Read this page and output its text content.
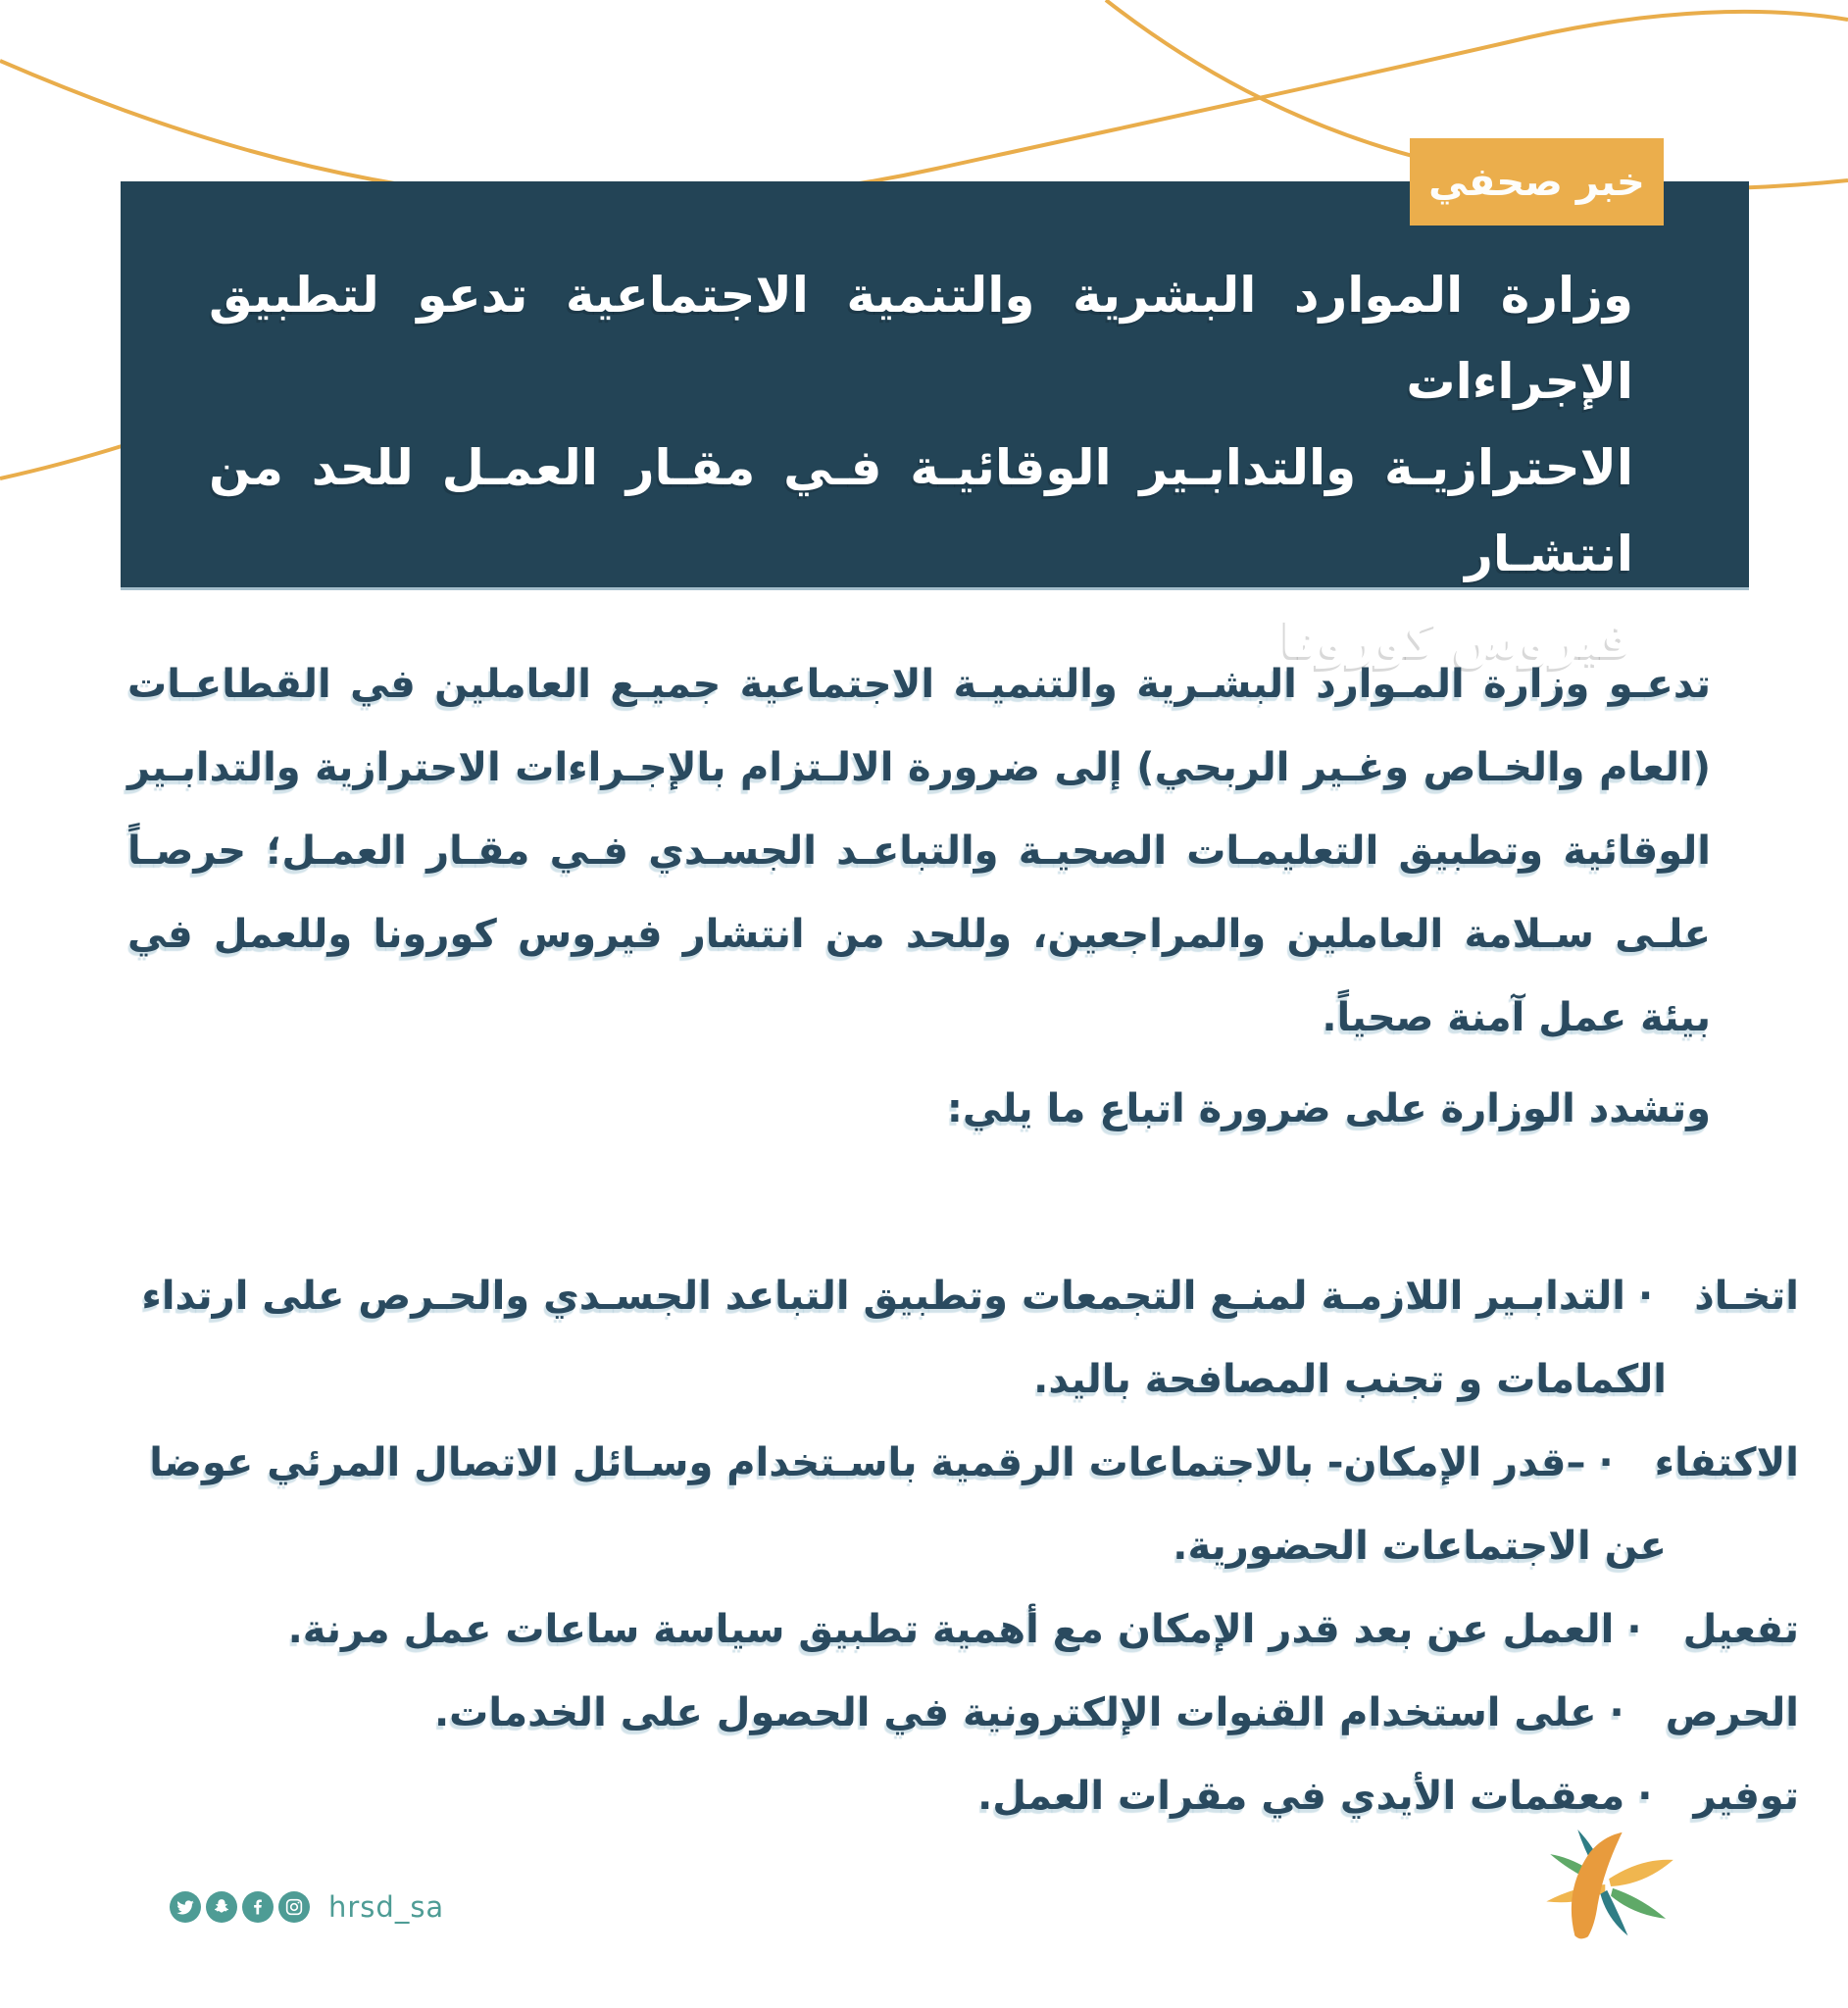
وزارة الموارد البشرية والتنمية الاجتماعية تدعو لتطبيق الإجراءات
الاحترازيـة والتدابـير الوقائيـة فـي مقـار العمـل للحد من انتشـار
فيروس كورونا
خبر صحفي

تدعـو وزارة المـوارد البشـرية والتنميـة الاجتماعية جميـع العاملين في القطاعـات (العام والخـاص وغـير الربحي) إلى ضرورة الالـتزام بالإجـراءات الاحترازية والتدابـير الوقائية وتطبيق التعليمـات الصحيـة والتباعـد الجسـدي فـي مقـار العمـل؛ حرصـاً علـى سـلامة العاملين والمراجعين، وللحد من انتشار فيروس كورونا وللعمل في بيئة عمل آمنة صحياً.

وتشدد الوزارة على ضرورة اتباع ما يلي:

اتخـاذ·التدابـير اللازمـة لمنـع التجمعات وتطبيق التباعد الجسـدي والحـرص على ارتداء الكمامات و تجنب المصافحة باليد.
الاكتفاء·–قدر الإمكان- بالاجتماعات الرقمية باسـتخدام وسـائل الاتصال المرئي عوضا عن الاجتماعات الحضورية.
تفعيل·العمل عن بعد قدر الإمكان مع أهمية تطبيق سياسة ساعات عمل مرنة.
الحرص·على استخدام القنوات الإلكترونية في الحصول على الخدمات.
توفير·معقمات الأيدي في مقرات العمل.
hrsd_sa
